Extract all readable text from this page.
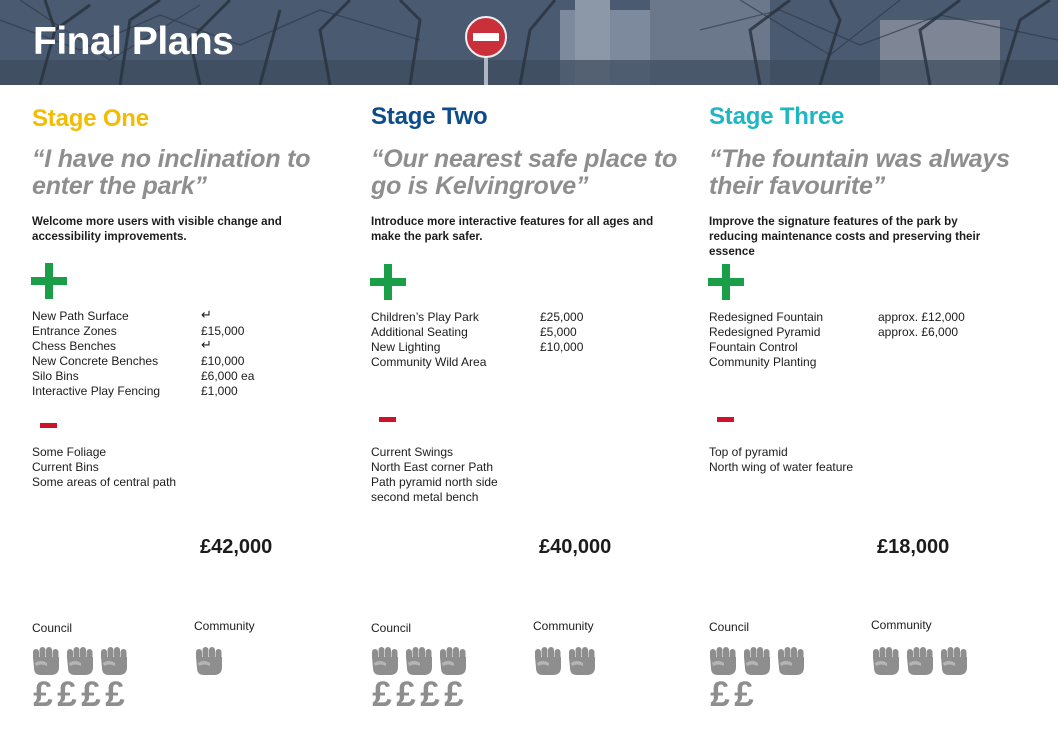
Final Plans
Stage One
“I have no inclination to enter the park”
Welcome more users with visible change and accessibility improvements.
New Path Surface	↵
Entrance Zones	£15,000
Chess Benches	↵
New Concrete Benches	£10,000
Silo Bins	£6,000 ea
Interactive Play Fencing	£1,000
Some Foliage
Current Bins
Some areas of central path
£42,000
Council	Community
£ £ £ £
Stage Two
“Our nearest safe place to go is Kelvingrove”
Introduce more interactive features for all ages and make the park safer.
Children’s Play Park	£25,000
Additional Seating	£5,000
New Lighting	£10,000
Community Wild Area
Current Swings
North East corner Path
Path pyramid north side
second metal bench
£40,000
Council	Community
£ £ £ £
Stage Three
“The fountain was always their favourite”
Improve the signature features of the park by reducing maintenance costs and preserving their essence
Redesigned Fountain	approx. £12,000
Redesigned Pyramid	approx. £6,000
Fountain Control
Community Planting
Top of pyramid
North wing of water feature
£18,000
Council	Community
£ £
